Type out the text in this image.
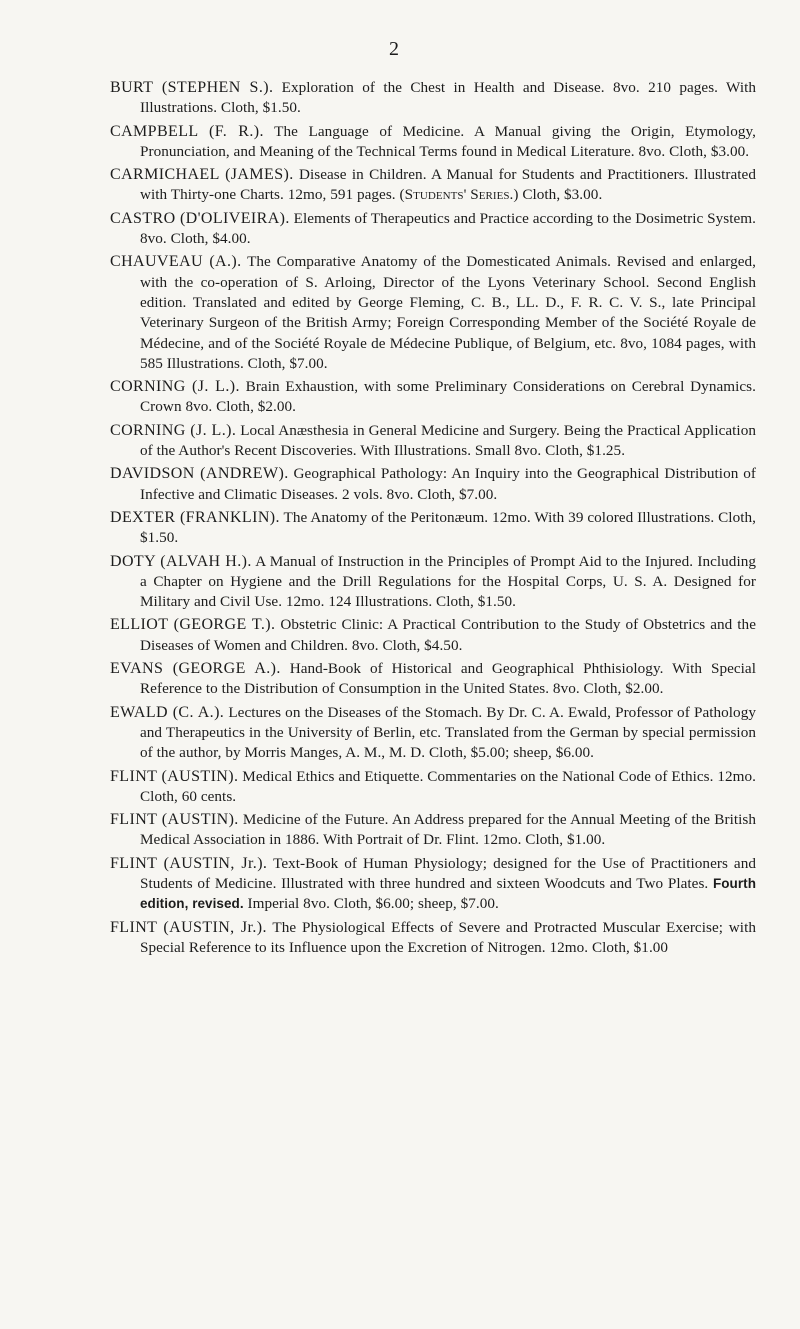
2

BURT (STEPHEN S.). Exploration of the Chest in Health and Disease. 8vo. 210 pages. With Illustrations. Cloth, $1.50.

CAMPBELL (F. R.). The Language of Medicine. A Manual giving the Origin, Etymology, Pronunciation, and Meaning of the Technical Terms found in Medical Literature. 8vo. Cloth, $3.00.

CARMICHAEL (JAMES). Disease in Children. A Manual for Students and Practitioners. Illustrated with Thirty-one Charts. 12mo, 591 pages. (Students' Series.) Cloth, $3.00.

CASTRO (D'OLIVEIRA). Elements of Therapeutics and Practice according to the Dosimetric System. 8vo. Cloth, $4.00.

CHAUVEAU (A.). The Comparative Anatomy of the Domesticated Animals. Revised and enlarged, with the co-operation of S. Arloing, Director of the Lyons Veterinary School. Second English edition. Translated and edited by George Fleming, C. B., LL. D., F. R. C. V. S., late Principal Veterinary Surgeon of the British Army; Foreign Corresponding Member of the Société Royale de Médecine, and of the Société Royale de Médecine Publique, of Belgium, etc. 8vo, 1084 pages, with 585 Illustrations. Cloth, $7.00.

CORNING (J. L.). Brain Exhaustion, with some Preliminary Considerations on Cerebral Dynamics. Crown 8vo. Cloth, $2.00.

CORNING (J. L.). Local Anæsthesia in General Medicine and Surgery. Being the Practical Application of the Author's Recent Discoveries. With Illustrations. Small 8vo. Cloth, $1.25.

DAVIDSON (ANDREW). Geographical Pathology: An Inquiry into the Geographical Distribution of Infective and Climatic Diseases. 2 vols. 8vo. Cloth, $7.00.

DEXTER (FRANKLIN). The Anatomy of the Peritonæum. 12mo. With 39 colored Illustrations. Cloth, $1.50.

DOTY (ALVAH H.). A Manual of Instruction in the Principles of Prompt Aid to the Injured. Including a Chapter on Hygiene and the Drill Regulations for the Hospital Corps, U. S. A. Designed for Military and Civil Use. 12mo. 124 Illustrations. Cloth, $1.50.

ELLIOT (GEORGE T.). Obstetric Clinic: A Practical Contribution to the Study of Obstetrics and the Diseases of Women and Children. 8vo. Cloth, $4.50.

EVANS (GEORGE A.). Hand-Book of Historical and Geographical Phthisiology. With Special Reference to the Distribution of Consumption in the United States. 8vo. Cloth, $2.00.

EWALD (C. A.). Lectures on the Diseases of the Stomach. By Dr. C. A. Ewald, Professor of Pathology and Therapeutics in the University of Berlin, etc. Translated from the German by special permission of the author, by Morris Manges, A. M., M. D. Cloth, $5.00; sheep, $6.00.

FLINT (AUSTIN). Medical Ethics and Etiquette. Commentaries on the National Code of Ethics. 12mo. Cloth, 60 cents.

FLINT (AUSTIN). Medicine of the Future. An Address prepared for the Annual Meeting of the British Medical Association in 1886. With Portrait of Dr. Flint. 12mo. Cloth, $1.00.

FLINT (AUSTIN, Jr.). Text-Book of Human Physiology; designed for the Use of Practitioners and Students of Medicine. Illustrated with three hundred and sixteen Woodcuts and Two Plates. Fourth edition, revised. Imperial 8vo. Cloth, $6.00; sheep, $7.00.

FLINT (AUSTIN, Jr.). The Physiological Effects of Severe and Protracted Muscular Exercise; with Special Reference to its Influence upon the Excretion of Nitrogen. 12mo. Cloth, $1.00
